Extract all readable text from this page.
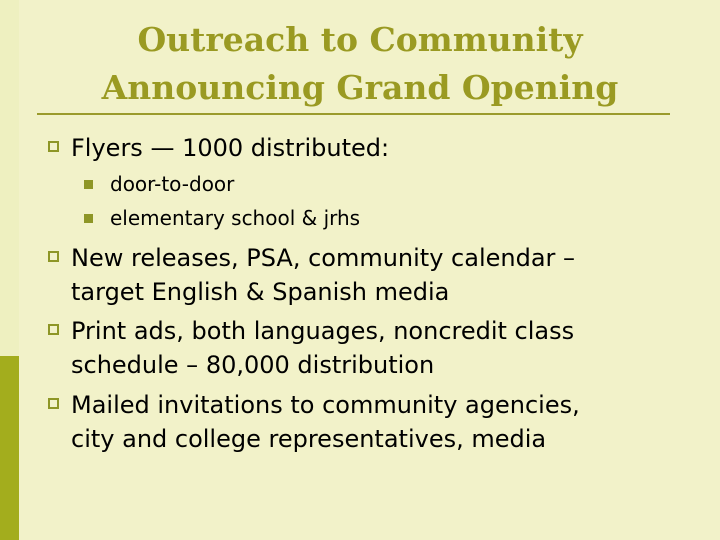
Outreach to Community
Announcing Grand Opening
Flyers — 1000 distributed:
door-to-door
elementary school & jrhs
New releases, PSA, community calendar –
target English & Spanish media
Print ads, both languages, noncredit class
schedule – 80,000 distribution
Mailed invitations to community agencies,
city and college representatives, media
